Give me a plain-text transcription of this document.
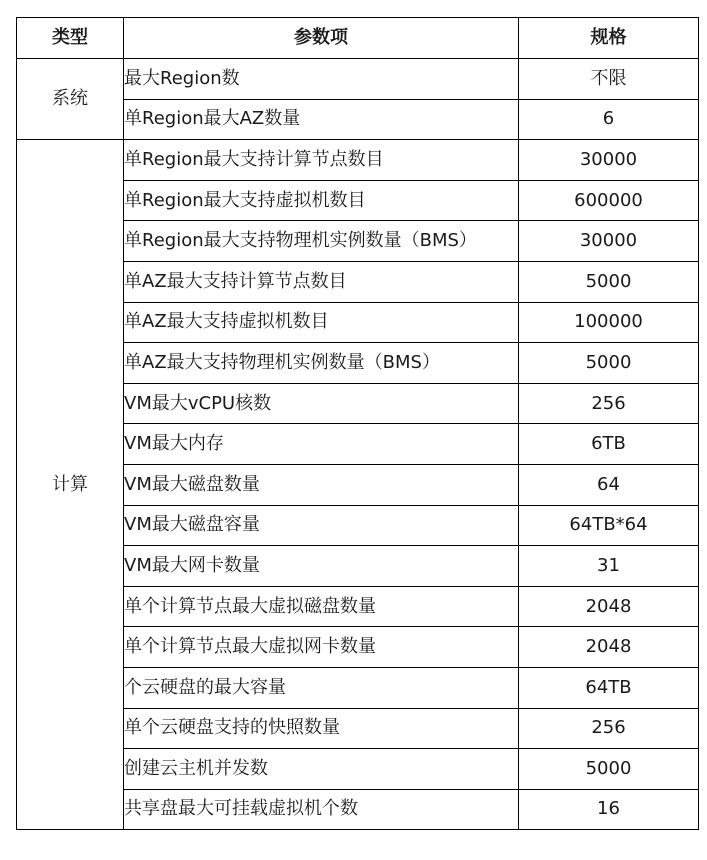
类型	参数项	规格
系统	最大Region数	不限
	单Region最大AZ数量	6
计算	单Region最大支持计算节点数目	30000
	单Region最大支持虚拟机数目	600000
	单Region最大支持物理机实例数量（BMS）	30000
	单AZ最大支持计算节点数目	5000
	单AZ最大支持虚拟机数目	100000
	单AZ最大支持物理机实例数量（BMS）	5000
	VM最大vCPU核数	256
	VM最大内存	6TB
	VM最大磁盘数量	64
	VM最大磁盘容量	64TB*64
	VM最大网卡数量	31
	单个计算节点最大虚拟磁盘数量	2048
	单个计算节点最大虚拟网卡数量	2048
	个云硬盘的最大容量	64TB
	单个云硬盘支持的快照数量	256
	创建云主机并发数	5000
	共享盘最大可挂载虚拟机个数	16
